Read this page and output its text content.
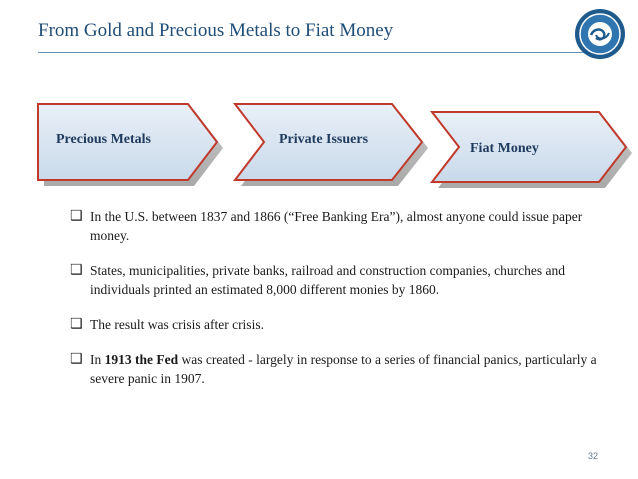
From Gold and Precious Metals to Fiat Money
Precious Metals	Private Issuers
Fiat Money
❑ In the U.S. between 1837 and 1866 (“Free Banking Era”), almost anyone could issue paper money.
❑ States, municipalities, private banks, railroad and construction companies, churches and individuals printed an estimated 8,000 different monies by 1860.
❑ The result was crisis after crisis.
❑ In 1913 the Fed was created - largely in response to a series of financial panics, particularly a severe panic in 1907.
32
